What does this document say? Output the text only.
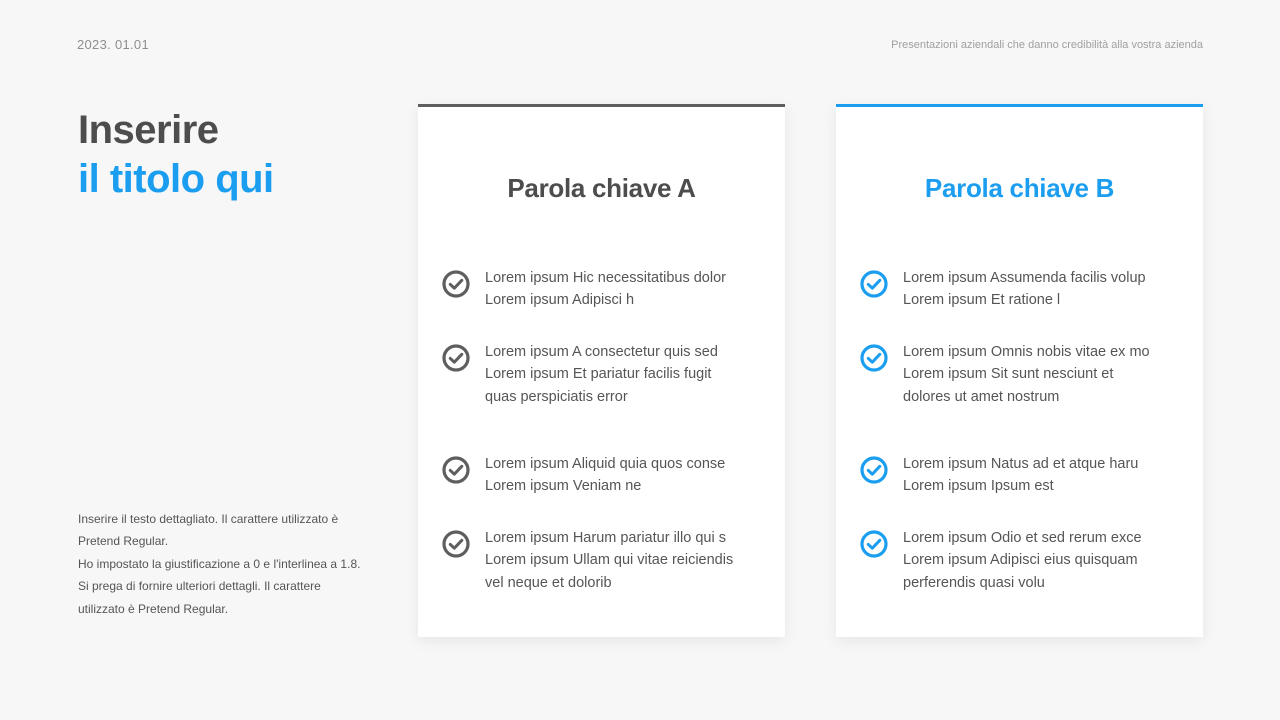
2023. 01.01	Presentazioni aziendali che danno credibilità alla vostra azienda
Inserire
il titolo qui
Inserire il testo dettagliato. Il carattere utilizzato è
Pretend Regular.
Ho impostato la giustificazione a 0 e l'interlinea a 1.8.
Si prega di fornire ulteriori dettagli. Il carattere
utilizzato è Pretend Regular.
Parola chiave A
Lorem ipsum Hic necessitatibus dolor
Lorem ipsum Adipisci h
Lorem ipsum A consectetur quis sed
Lorem ipsum Et pariatur facilis fugit
quas perspiciatis error
Lorem ipsum Aliquid quia quos conse
Lorem ipsum Veniam ne
Lorem ipsum Harum pariatur illo qui s
Lorem ipsum Ullam qui vitae reiciendis
vel neque et dolorib
Parola chiave B
Lorem ipsum Assumenda facilis volup
Lorem ipsum Et ratione l
Lorem ipsum Omnis nobis vitae ex mo
Lorem ipsum Sit sunt nesciunt et
dolores ut amet nostrum
Lorem ipsum Natus ad et atque haru
Lorem ipsum Ipsum est
Lorem ipsum Odio et sed rerum exce
Lorem ipsum Adipisci eius quisquam
perferendis quasi volu
